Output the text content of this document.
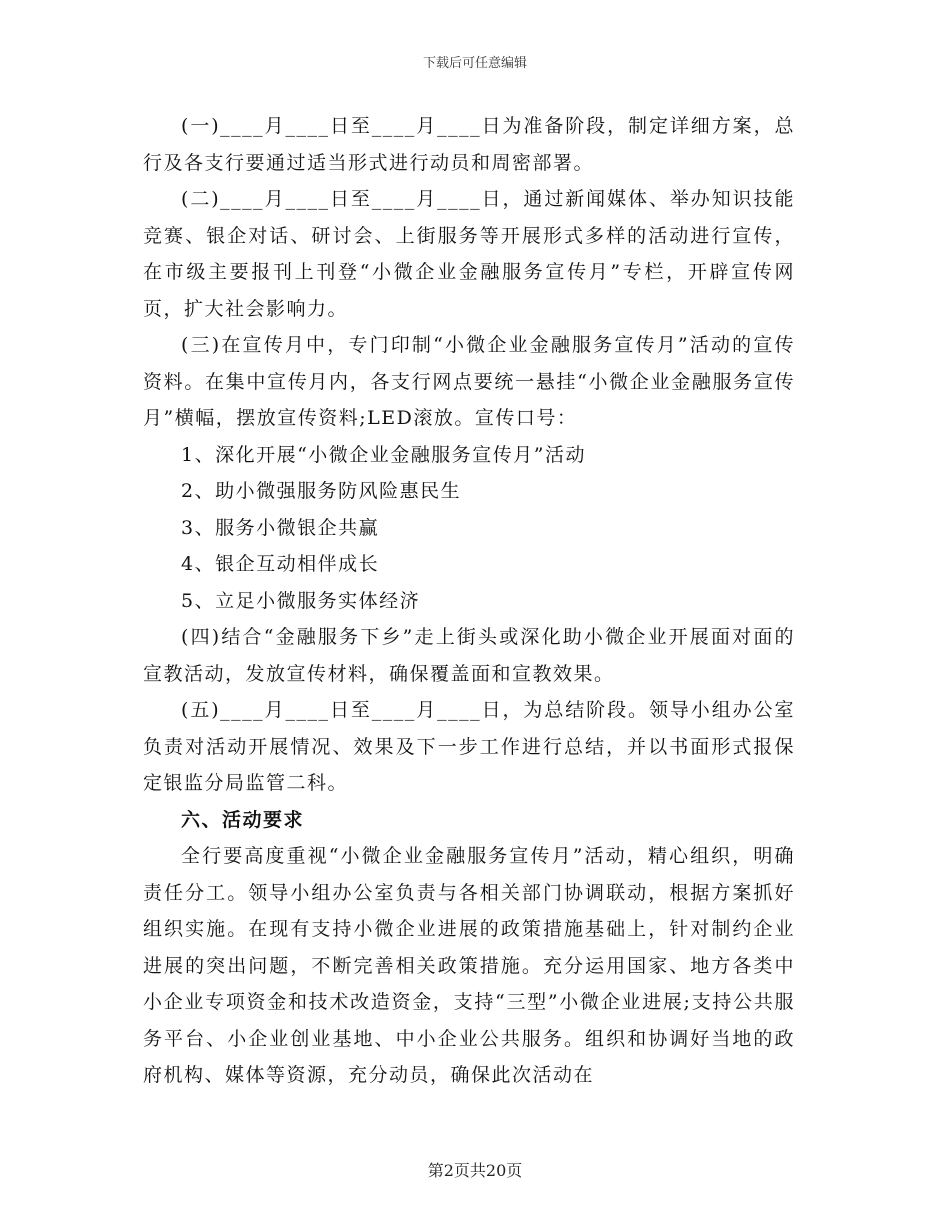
下载后可任意编辑

(一)____月____日至____月____日为准备阶段，制定详细方案，总行及各支行要通过适当形式进行动员和周密部署。

(二)____月____日至____月____日，通过新闻媒体、举办知识技能竞赛、银企对话、研讨会、上街服务等开展形式多样的活动进行宣传，在市级主要报刊上刊登“小微企业金融服务宣传月”专栏，开辟宣传网页，扩大社会影响力。

(三)在宣传月中，专门印制“小微企业金融服务宣传月”活动的宣传资料。在集中宣传月内，各支行网点要统一悬挂“小微企业金融服务宣传月”横幅，摆放宣传资料;LED滚放。宣传口号：

1、深化开展“小微企业金融服务宣传月”活动

2、助小微强服务防风险惠民生

3、服务小微银企共赢

4、银企互动相伴成长

5、立足小微服务实体经济

(四)结合“金融服务下乡”走上街头或深化助小微企业开展面对面的宣教活动，发放宣传材料，确保覆盖面和宣教效果。

(五)____月____日至____月____日，为总结阶段。领导小组办公室负责对活动开展情况、效果及下一步工作进行总结，并以书面形式报保定银监分局监管二科。

六、活动要求

全行要高度重视“小微企业金融服务宣传月”活动，精心组织，明确责任分工。领导小组办公室负责与各相关部门协调联动，根据方案抓好组织实施。在现有支持小微企业进展的政策措施基础上，针对制约企业进展的突出问题，不断完善相关政策措施。充分运用国家、地方各类中小企业专项资金和技术改造资金，支持“三型”小微企业进展;支持公共服务平台、小企业创业基地、中小企业公共服务。组织和协调好当地的政府机构、媒体等资源，充分动员，确保此次活动在

第2页共20页
